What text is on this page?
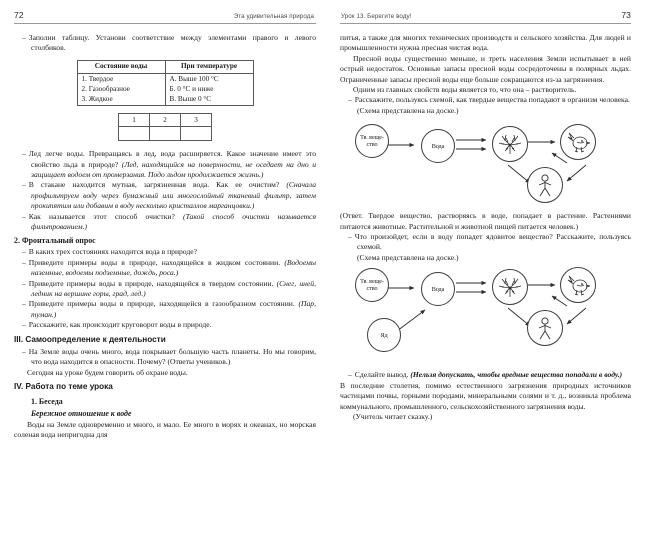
72	Эта удивительная природа

– Заполни таблицу. Установи соответствие между элементами правого и левого столбиков.

Состояние воды	При температуре
1. Твердое	А. Выше 100 °С
2. Газообразное	Б. 0 °С и ниже
3. Жидкое	В. Выше 0 °С
1	2	3

– Лед легче воды. Превращаясь в лед, вода расширяется. Какое значение имеет это свойство льда в природе? (Лед, находящийся на поверхности, не оседает на дно и защищает водоем от промерзания. Подо льдом продолжается жизнь.)

– В стакане находится мутная, загрязненная вода. Как ее очистим? (Сначала профильтруем воду через бумажный или многослойный тканевый фильтр, затем прокипятим или добавим в воду несколько кристаллов марганцовки.)

– Как называется этот способ очистки? (Такой способ очистки называется фильтрованием.)

2. Фронтальный опрос

– В каких трех состояниях находится вода в природе?

– Приведите примеры воды в природе, находящейся в жидком состоянии. (Водоемы наземные, водоемы подземные, дождь, роса.)

– Приведите примеры воды в природе, находящейся в твердом состоянии. (Снег, иней, ледник на вершине горы, град, лед.)

– Приведите примеры воды в природе, находящейся в газообразном состоянии. (Пар, туман.)

– Расскажите, как происходит круговорот воды в природе.

III. Самоопределение к деятельности

– На Земле воды очень много, вода покрывает большую часть планеты. Но мы говорим, что вода находится в опасности. Почему? (Ответы учеников.)

Сегодня на уроке будем говорить об охране воды.

IV. Работа по теме урока
1. Беседа
Бережное отношение к воде

Воды на Земле одновременно и много, и мало. Ее много в морях и океанах, но морская соленая вода непригодна для

Урок 13. Берегите воду!	73

питья, а также для многих технических производств и сельского хозяйства. Для людей и промышленности нужна пресная чистая вода.

Пресной воды существенно меньше, и треть населения Земли испытывает в ней острый недостаток. Основные запасы пресной воды сосредоточены в полярных льдах. Ограниченные запасы пресной воды еще больше сокращаются из-за загрязнения.

Одним из главных свойств воды является то, что она – растворитель.

– Расскажите, пользуясь схемой, как твердые вещества попадают в организм человека.

(Схема представлена на доске.)

Тв. веще-ство	Вода

(Ответ. Твердое вещество, растворяясь в воде, попадает в растение. Растениями питаются животные. Растительной и животной пищей питается человек.)

– Что произойдет, если в воду попадет ядовитое вещество? Расскажите, пользуясь схемой.

(Схема представлена на доске.)

Тв. веще-ство	Вода
Яд

– Сделайте вывод. (Нельзя допускать, чтобы вредные вещества попадали в воду.)

В последние столетия, помимо естественного загрязнения природных источников частицами почвы, горными породами, минеральными солями и т. д., возникла проблема коммунального, промышленного, сельскохозяйственного загрязнения воды.

(Учитель читает сказку.)
